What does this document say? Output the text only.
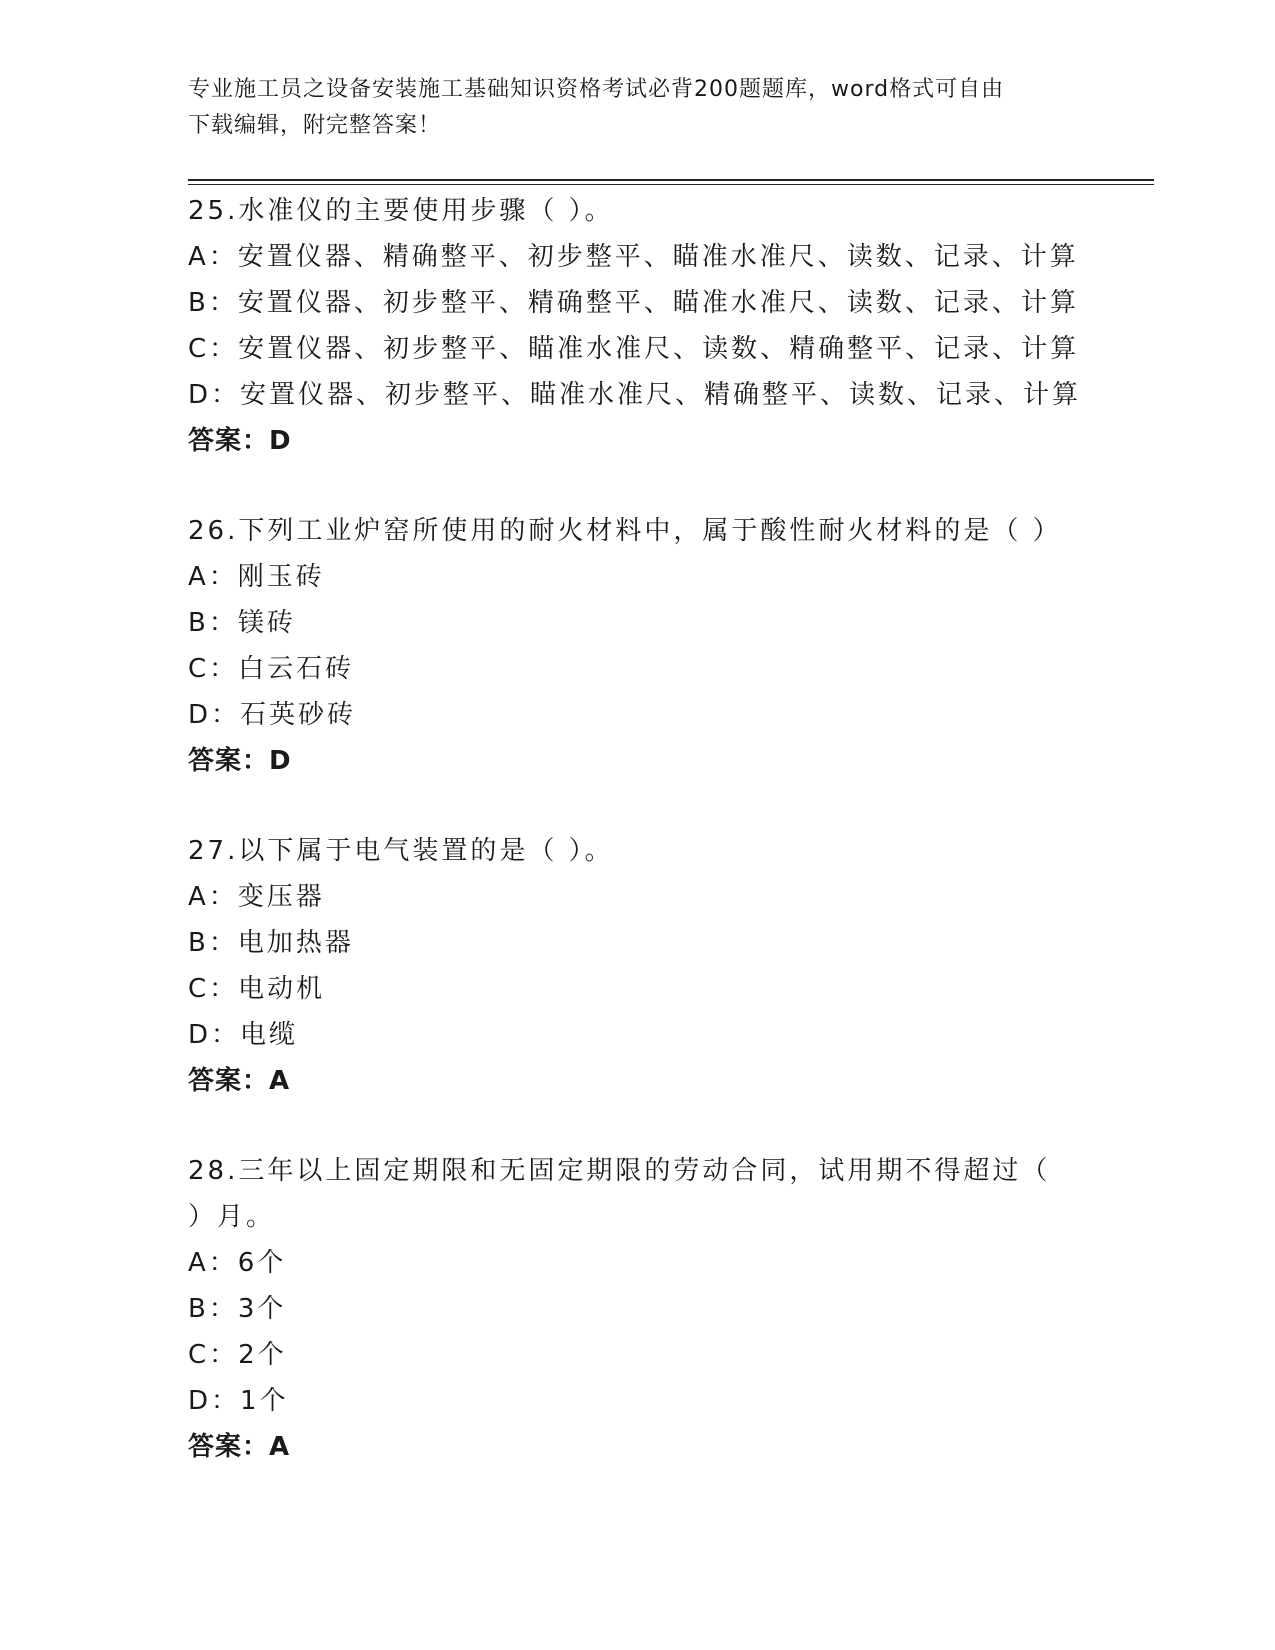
专业施工员之设备安装施工基础知识资格考试必背200题题库，word格式可自由
下载编辑，附完整答案！
25.水准仪的主要使用步骤（ ）。
A：安置仪器、精确整平、初步整平、瞄准水准尺、读数、记录、计算
B：安置仪器、初步整平、精确整平、瞄准水准尺、读数、记录、计算
C：安置仪器、初步整平、瞄准水准尺、读数、精确整平、记录、计算
D：安置仪器、初步整平、瞄准水准尺、精确整平、读数、记录、计算
答案：D
26.下列工业炉窑所使用的耐火材料中，属于酸性耐火材料的是（ ）
A：刚玉砖
B：镁砖
C：白云石砖
D：石英砂砖
答案：D
27.以下属于电气装置的是（ ）。
A：变压器
B：电加热器
C：电动机
D：电缆
答案：A
28.三年以上固定期限和无固定期限的劳动合同，试用期不得超过（
）月。
A：6个
B：3个
C：2个
D：1个
答案：A
